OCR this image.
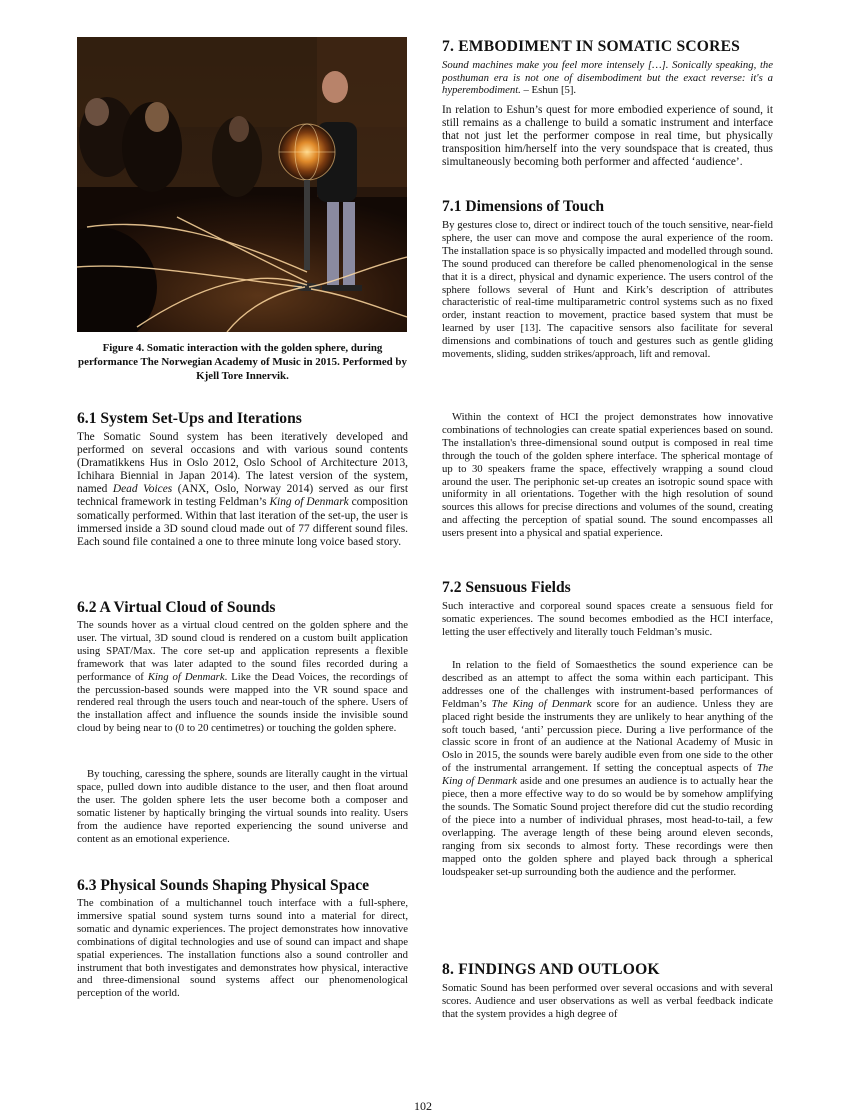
Figure 4. Somatic interaction with the golden sphere, during performance The Norwegian Academy of Music in 2015. Performed by Kjell Tore Innervik.
6.1 System Set-Ups and Iterations

The Somatic Sound system has been iteratively developed and performed on several occasions and with various sound contents (Dramatikkens Hus in Oslo 2012, Oslo School of Architecture 2013, Ichihara Biennial in Japan 2014). The latest version of the system, named Dead Voices (ANX, Oslo, Norway 2014) served as our first technical framework in testing Feldman’s King of Denmark composition somatically performed. Within that last iteration of the set-up, the user is immersed inside a 3D sound cloud made out of 77 different sound files. Each sound file contained a one to three minute long voice based story.

6.2 A Virtual Cloud of Sounds

The sounds hover as a virtual cloud centred on the golden sphere and the user. The virtual, 3D sound cloud is rendered on a custom built application using SPAT/Max. The core set-up and application represents a flexible framework that was later adapted to the sound files recorded during a performance of King of Denmark. Like the Dead Voices, the recordings of the percussion-based sounds were mapped into the VR sound space and rendered real through the users touch and near-touch of the sphere. Users of the installation affect and influence the sounds inside the invisible sound cloud by being near to (0 to 20 centimetres) or touching the golden sphere.

By touching, caressing the sphere, sounds are literally caught in the virtual space, pulled down into audible distance to the user, and then float around the user. The golden sphere lets the user become both a composer and somatic listener by haptically bringing the virtual sounds into reality. Users from the audience have reported experiencing the sound universe and content as an emotional experience.

6.3 Physical Sounds Shaping Physical Space

The combination of a multichannel touch interface with a full-sphere, immersive spatial sound system turns sound into a material for direct, somatic and dynamic experiences. The project demonstrates how innovative combinations of digital technologies and use of sound can impact and shape spatial experiences. The installation functions also a sound controller and instrument that both investigates and demonstrates how physical, interactive and three-dimensional sound systems affect our phenomenological perception of the world.

7. EMBODIMENT IN SOMATIC SCORES

Sound machines make you feel more intensely […]. Sonically speaking, the posthuman era is not one of disembodiment but the exact reverse: it's a hyperembodiment. – Eshun [5].

In relation to Eshun’s quest for more embodied experience of sound, it still remains as a challenge to build a somatic instrument and interface that not just let the performer compose in real time, but physically transposition him/herself into the very soundspace that is created, thus simultaneously becoming both performer and affected ‘audience’.

7.1 Dimensions of Touch

By gestures close to, direct or indirect touch of the touch sensitive, near-field sphere, the user can move and compose the aural experience of the room. The installation space is so physically impacted and modelled through sound. The sound produced can therefore be called phenomenological in the sense that it is a direct, physical and dynamic experience. The users control of the sphere follows several of Hunt and Kirk’s description of attributes characteristic of real-time multiparametric control systems such as no fixed order, instant reaction to movement, practice based system that must be learned by user [13]. The capacitive sensors also facilitate for several dimensions and combinations of touch and gestures such as gentle gliding movements, sliding, sudden strikes/approach, lift and removal.

Within the context of HCI the project demonstrates how innovative combinations of technologies can create spatial experiences based on sound. The installation's three-dimensional sound output is composed in real time through the touch of the golden sphere interface. The spherical montage of up to 30 speakers frame the space, effectively wrapping a sound cloud around the user. The periphonic set-up creates an isotropic sound space with uniformity in all orientations. Together with the high resolution of sound sources this allows for precise directions and volumes of the sound, creating and affecting the perception of spatial sound. The sound encompasses all users present into a physical and spatial experience.

7.2 Sensuous Fields

Such interactive and corporeal sound spaces create a sensuous field for somatic experiences. The sound becomes embodied as the HCI interface, letting the user effectively and literally touch Feldman’s music.

In relation to the field of Somaesthetics the sound experience can be described as an attempt to affect the soma within each participant. This addresses one of the challenges with instrument-based performances of Feldman’s The King of Denmark score for an audience. Unless they are placed right beside the instruments they are unlikely to hear anything of the soft touch based, ‘anti’ percussion piece. During a live performance of the classic score in front of an audience at the National Academy of Music in Oslo in 2015, the sounds were barely audible even from one side to the other of the instrumental arrangement. If setting the conceptual aspects of The King of Denmark aside and one presumes an audience is to actually hear the piece, then a more effective way to do so would be by somehow amplifying the sounds. The Somatic Sound project therefore did cut the studio recording of the piece into a number of individual phrases, most head-to-tail, a few overlapping. The average length of these being around eleven seconds, ranging from six seconds to almost forty. These recordings were then mapped onto the golden sphere and played back through a spherical loudspeaker set-up surrounding both the audience and the performer.

8. FINDINGS AND OUTLOOK

Somatic Sound has been performed over several occasions and with several scores. Audience and user observations as well as verbal feedback indicate that the system provides a high degree of

102
